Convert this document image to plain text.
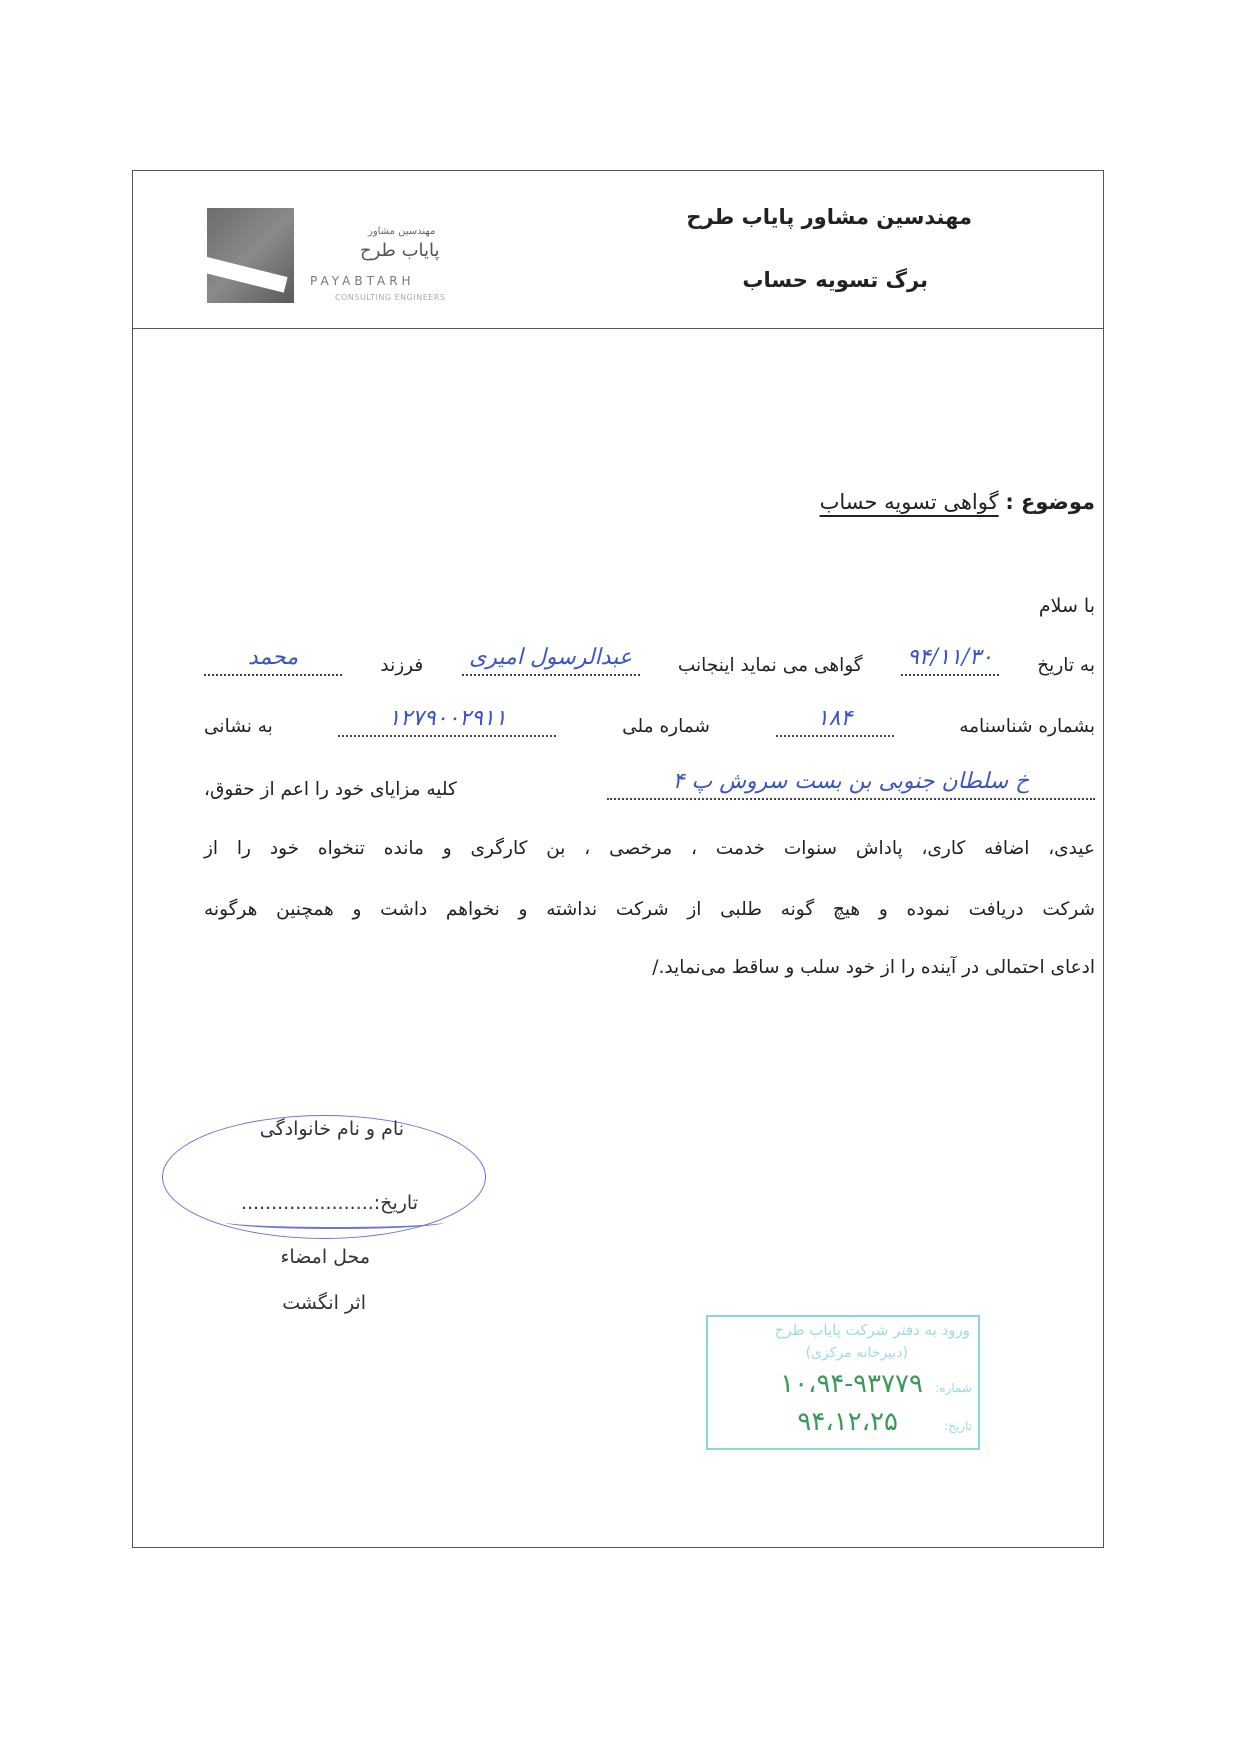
مهندسین مشاور
پایاب طرح
PAYABTARH
CONSULTING ENGINEERS
مهندسین مشاور پایاب طرح
برگ تسویه حساب
موضوع : گواهی تسویه حساب
با سلام
به تاریخ
۹۴/۱۱/۳۰
گواهی می نماید اینجانب
عبدالرسول امیری
فرزند
محمد
بشماره شناسنامه
۱۸۴
شماره ملی
۱۲۷۹۰۰۲۹۱۱
به نشانی
خ سلطان جنوبی بن بست سروش پ ۴
کلیه مزایای خود را اعم از حقوق،
عیدی، اضافه کاری، پاداش سنوات خدمت ، مرخصی ، بن کارگری و مانده تنخواه خود را از
شرکت دریافت نموده و هیچ گونه طلبی از شرکت نداشته و نخواهم داشت و همچنین هرگونه
ادعای احتمالی در آینده را از خود سلب و ساقط می‌نماید./
نام و نام خانوادگی
تاریخ:......................
محل امضاء
اثر انگشت
ورود به دفتر شرکت پایاب طرح
(دبیرخانه مرکزی)
شماره:
۱۰،۹۴-۹۳۷۷۹
تاریخ:
۹۴،۱۲،۲۵
